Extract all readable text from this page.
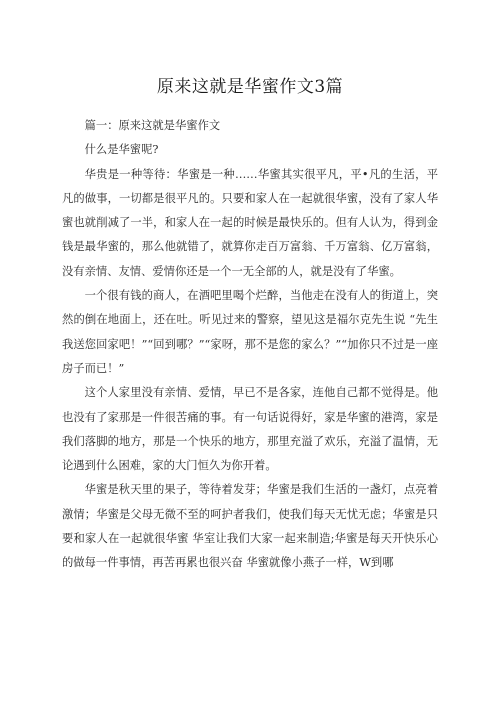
原来这就是华蜜作文3篇

篇一：原来这就是华蜜作文

什么是华蜜呢?

华贵是一种等待：华蜜是一种……华蜜其实很平凡，平•凡的生活，平凡的做事，一切都是很平凡的。只要和家人在一起就很华蜜，没有了家人华蜜也就削减了一半，和家人在一起的时候是最快乐的。但有人认为，得到金钱是最华蜜的，那么他就错了，就算你走百万富翁、千万富翁、亿万富翁，没有亲情、友情、爱情你还是一个一无全部的人，就是没有了华蜜。

一个很有钱的商人，在酒吧里喝个烂醉，当他走在没有人的街道上，突然的倒在地面上，还在吐。听见过来的警察，望见这是福尔克先生说 “先生我送您回家吧！”“回到哪？”“家呀，那不是您的家么？”“加你只不过是一座房子而已！”

这个人家里没有亲情、爱情，早已不是各家，连他自己都不觉得是。他也没有了家那是一件很苦痛的事。有一句话说得好，家是华蜜的港湾，家是我们落脚的地方，那是一个快乐的地方，那里充溢了欢乐，充溢了温情，无论遇到什么困难，家的大门恒久为你开着。

华蜜是秋天里的果子，等待着发芽；华蜜是我们生活的一盏灯，点亮着激情；华蜜是父母无微不至的呵护者我们，使我们每天无忧无虑；华蜜是只要和家人在一起就很华蜜 华室让我们大家一起来制造;华蜜是每天开快乐心的做每一件事情，再苦再累也很兴奋 华蜜就像小燕子一样，W到哪
